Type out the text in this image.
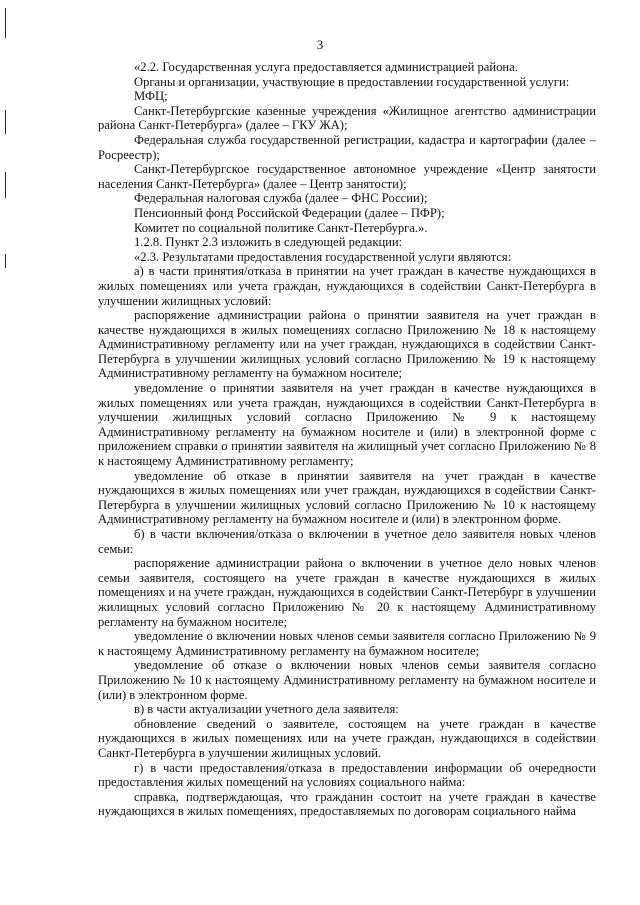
3

«2.2. Государственная услуга предоставляется администрацией района.

Органы и организации, участвующие в предоставлении государственной услуги:

МФЦ;

Санкт-Петербургские казенные учреждения «Жилищное агентство администрации района Санкт-Петербурга» (далее – ГКУ ЖА);

Федеральная служба государственной регистрации, кадастра и картографии (далее – Росреестр);

Санкт-Петербургское государственное автономное учреждение «Центр занятости населения Санкт-Петербурга» (далее – Центр занятости);

Федеральная налоговая служба (далее – ФНС России);

Пенсионный фонд Российской Федерации (далее – ПФР);

Комитет по социальной политике Санкт-Петербурга.».

1.2.8. Пункт 2.3 изложить в следующей редакции:

«2.3. Результатами предоставления государственной услуги являются:

а) в части принятия/отказа в принятии на учет граждан в качестве нуждающихся в жилых помещениях или учета граждан, нуждающихся в содействии Санкт-Петербурга в улучшении жилищных условий:

распоряжение администрации района о принятии заявителя на учет граждан в качестве нуждающихся в жилых помещениях согласно Приложению № 18 к настоящему Административному регламенту или на учет граждан, нуждающихся в содействии Санкт-Петербурга в улучшении жилищных условий согласно Приложению № 19 к настоящему Административному регламенту на бумажном носителе;

уведомление о принятии заявителя на учет граждан в качестве нуждающихся в жилых помещениях или учета граждан, нуждающихся в содействии Санкт-Петербурга в улучшении жилищных условий согласно Приложению № 9 к настоящему Административному регламенту на бумажном носителе и (или) в электронной форме с приложением справки о принятии заявителя на жилищный учет согласно Приложению № 8 к настоящему Административному регламенту;

уведомление об отказе в принятии заявителя на учет граждан в качестве нуждающихся в жилых помещениях или учет граждан, нуждающихся в содействии Санкт-Петербурга в улучшении жилищных условий согласно Приложению № 10 к настоящему Административному регламенту на бумажном носителе и (или) в электронном форме.

б) в части включения/отказа о включении в учетное дело заявителя новых членов семьи:

распоряжение администрации района о включении в учетное дело новых членов семьи заявителя, состоящего на учете граждан в качестве нуждающихся в жилых помещениях и на учете граждан, нуждающихся в содействии Санкт-Петербург в улучшении жилищных условий согласно Приложению № 20 к настоящему Административному регламенту на бумажном носителе;

уведомление о включении новых членов семьи заявителя согласно Приложению № 9 к настоящему Административному регламенту на бумажном носителе;

уведомление об отказе о включении новых членов семьи заявителя согласно Приложению № 10 к настоящему Административному регламенту на бумажном носителе и (или) в электронном форме.

в) в части актуализации учетного дела заявителя:

обновление сведений о заявителе, состоящем на учете граждан в качестве нуждающихся в жилых помещениях или на учете граждан, нуждающихся в содействии Санкт-Петербурга в улучшении жилищных условий.

г) в части предоставления/отказа в предоставлении информации об очередности предоставления жилых помещений на условиях социального найма:

справка, подтверждающая, что гражданин состоит на учете граждан в качестве нуждающихся в жилых помещениях, предоставляемых по договорам социального найма
